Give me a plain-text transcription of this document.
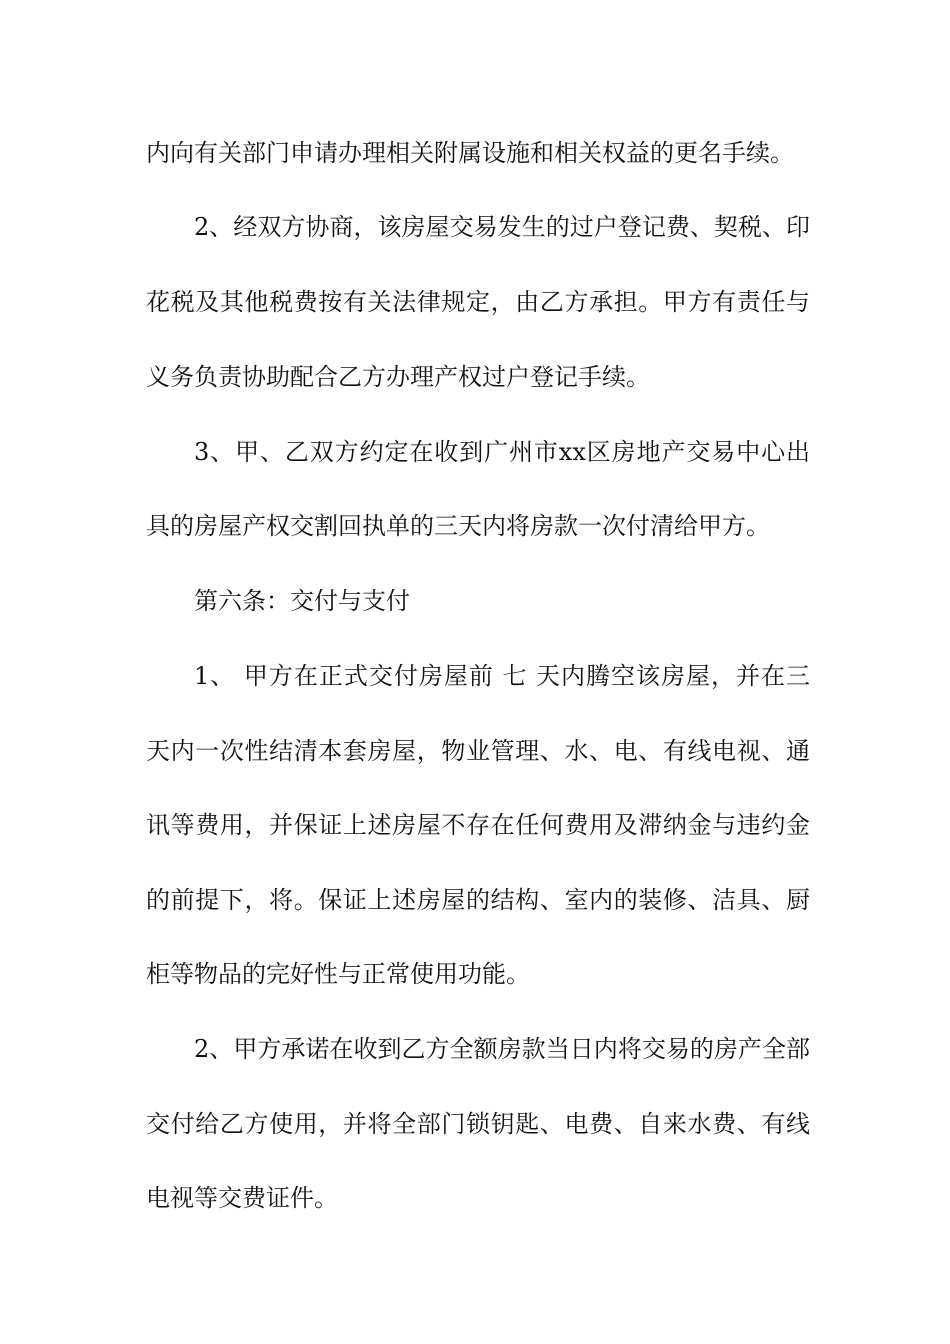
内向有关部门申请办理相关附属设施和相关权益的更名手续。
2、经双方协商，该房屋交易发生的过户登记费、契税、印
花税及其他税费按有关法律规定，由乙方承担。甲方有责任与
义务负责协助配合乙方办理产权过户登记手续。
3、甲、乙双方约定在收到广州市xx区房地产交易中心出
具的房屋产权交割回执单的三天内将房款一次付清给甲方。
第六条：交付与支付
1、 甲方在正式交付房屋前 七 天内腾空该房屋，并在三
天内一次性结清本套房屋，物业管理、水、电、有线电视、通
讯等费用，并保证上述房屋不存在任何费用及滞纳金与违约金
的前提下，将。保证上述房屋的结构、室内的装修、洁具、厨
柜等物品的完好性与正常使用功能。
2、甲方承诺在收到乙方全额房款当日内将交易的房产全部
交付给乙方使用，并将全部门锁钥匙、电费、自来水费、有线
电视等交费证件。
